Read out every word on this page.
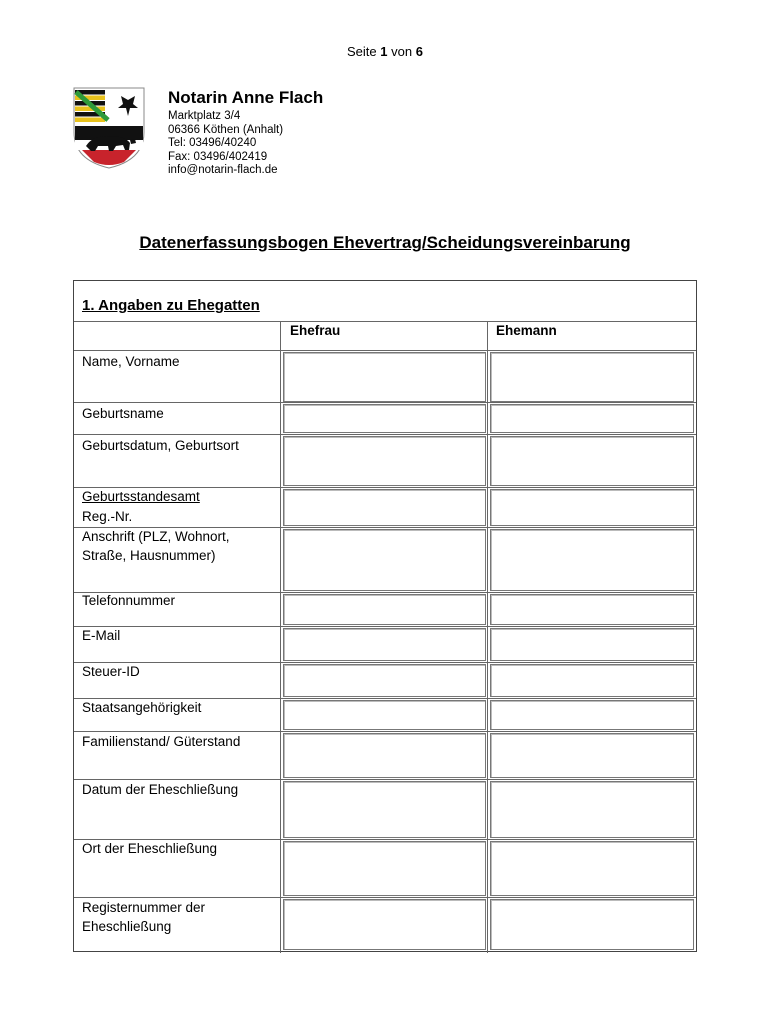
Seite 1 von 6
Notarin Anne Flach
Marktplatz 3/4
06366 Köthen (Anhalt)
Tel: 03496/40240
Fax: 03496/402419
info@notarin-flach.de
Datenerfassungsbogen Ehevertrag/Scheidungsvereinbarung
1. Angaben zu Ehegatten
Ehefrau	Ehemann
Name, Vorname
Geburtsname
Geburtsdatum, Geburtsort
Geburtsstandesamt
Reg.-Nr.
Anschrift (PLZ, Wohnort,
Straße, Hausnummer)
Telefonnummer
E-Mail
Steuer-ID
Staatsangehörigkeit
Familienstand/ Güterstand
Datum der Eheschließung
Ort der Eheschließung
Registernummer der
Eheschließung
